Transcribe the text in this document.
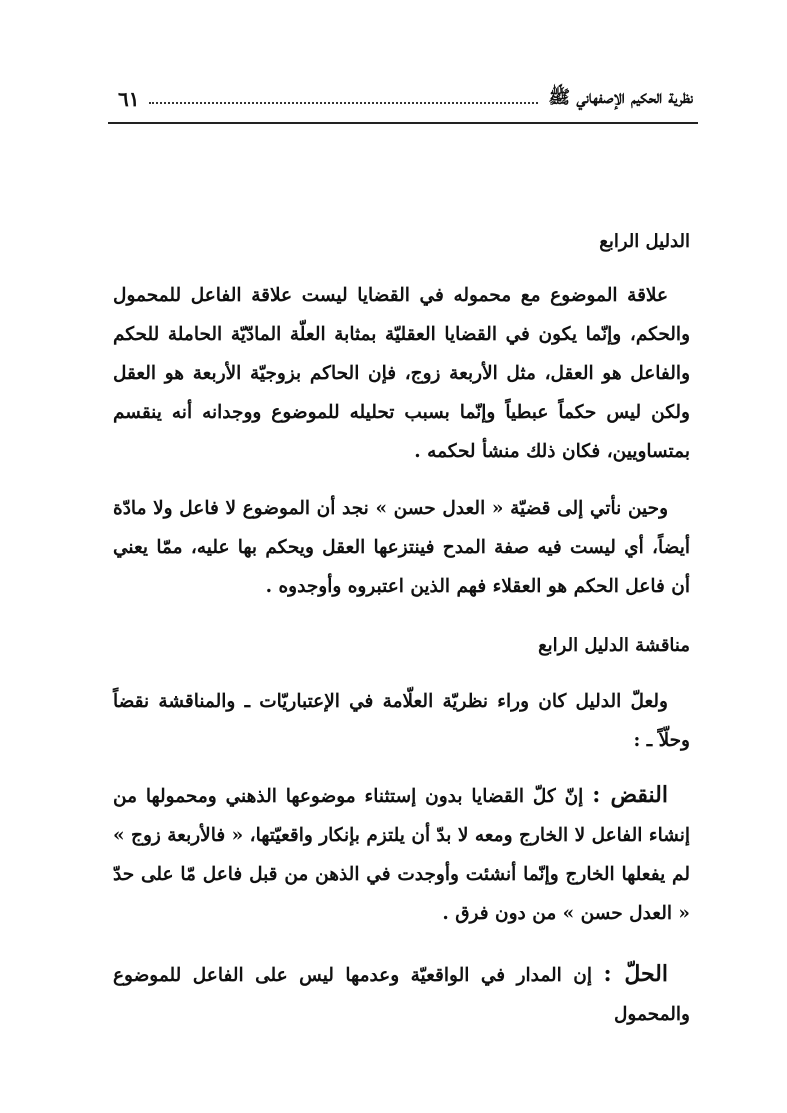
نظرية الحكيم الإصفهاني ﷺ
٦١
الدليل الرابع

علاقة الموضوع مع محموله في القضايا ليست علاقة الفاعل للمحمول والحكم، وإنّما يكون في القضايا العقليّة بمثابة العلّة المادّيّة الحاملة للحكم والفاعل هو العقل، مثل الأربعة زوج، فإن الحاكم بزوجيّة الأربعة هو العقل ولكن ليس حكماً عبطياً وإنّما بسبب تحليله للموضوع ووجدانه أنه ينقسم بمتساويين، فكان ذلك منشأ لحكمه .

وحين نأتي إلى قضيّة « العدل حسن » نجد أن الموضوع لا فاعل ولا مادّة أيضاً، أي ليست فيه صفة المدح فينتزعها العقل ويحكم بها عليه، ممّا يعني أن فاعل الحكم هو العقلاء فهم الذين اعتبروه وأوجدوه .

مناقشة الدليل الرابع

ولعلّ الدليل كان وراء نظريّة العلّامة في الإعتباريّات ـ والمناقشة نقضاً وحلّاً ـ :

النقض : إنّ كلّ القضايا بدون إستثناء موضوعها الذهني ومحمولها من إنشاء الفاعل لا الخارج ومعه لا بدّ أن يلتزم بإنكار واقعيّتها، « فالأربعة زوج » لم يفعلها الخارج وإنّما أنشئت وأوجدت في الذهن من قبل فاعل مّا على حدّ « العدل حسن » من دون فرق .

الحلّ : إن المدار في الواقعيّة وعدمها ليس على الفاعل للموضوع والمحمول
